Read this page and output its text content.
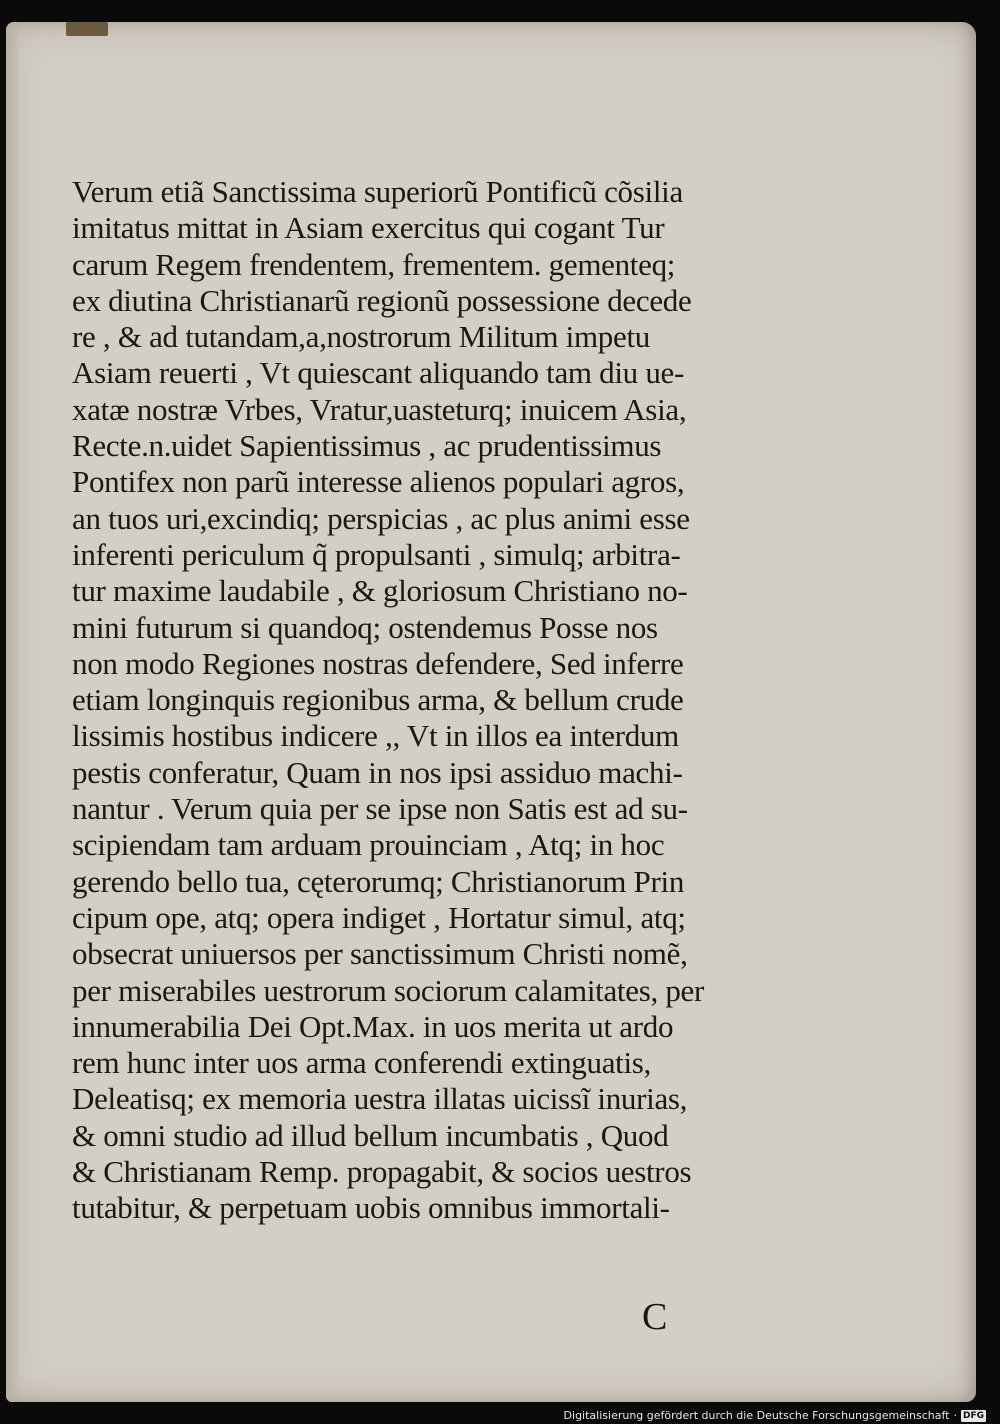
Verum etiã Sanctissima superiorũ Pontificũ cõsilia
imitatus mittat in Asiam exercitus qui cogant Tur
carum Regem frendentem, frementem. gementeq;
ex diutina Christianarũ regionũ possessione decede
re , & ad tutandam,a,nostrorum Militum impetu
Asiam reuerti , Vt quiescant aliquando tam diu ue-
xatæ nostræ Vrbes, Vratur,uasteturq; inuicem Asia,
Recte.n.uidet Sapientissimus , ac prudentissimus
Pontifex non parũ interesse alienos populari agros,
an tuos uri,excindiq; perspicias , ac plus animi esse
inferenti periculum q̃ propulsanti , simulq; arbitra-
tur maxime laudabile , & gloriosum Christiano no-
mini futurum si quandoq; ostendemus Posse nos
non modo Regiones nostras defendere, Sed inferre
etiam longinquis regionibus arma, & bellum crude
lissimis hostibus indicere ,, Vt in illos ea interdum
pestis conferatur, Quam in nos ipsi assiduo machi-
nantur . Verum quia per se ipse non Satis est ad su-
scipiendam tam arduam prouinciam , Atq; in hoc
gerendo bello tua, cęterorumq; Christianorum Prin
cipum ope, atq; opera indiget , Hortatur simul, atq;
obsecrat uniuersos per sanctissimum Christi nomẽ,
per miserabiles uestrorum sociorum calamitates, per
innumerabilia Dei Opt.Max. in uos merita ut ardo
rem hunc inter uos arma conferendi extinguatis,
Deleatisq; ex memoria uestra illatas uicissĩ inurias,
& omni studio ad illud bellum incumbatis , Quod
& Christianam Remp. propagabit, & socios uestros
tutabitur, & perpetuam uobis omnibus immortali-
C
Digitalisierung gefördert durch die Deutsche Forschungsgemeinschaft · DFG
